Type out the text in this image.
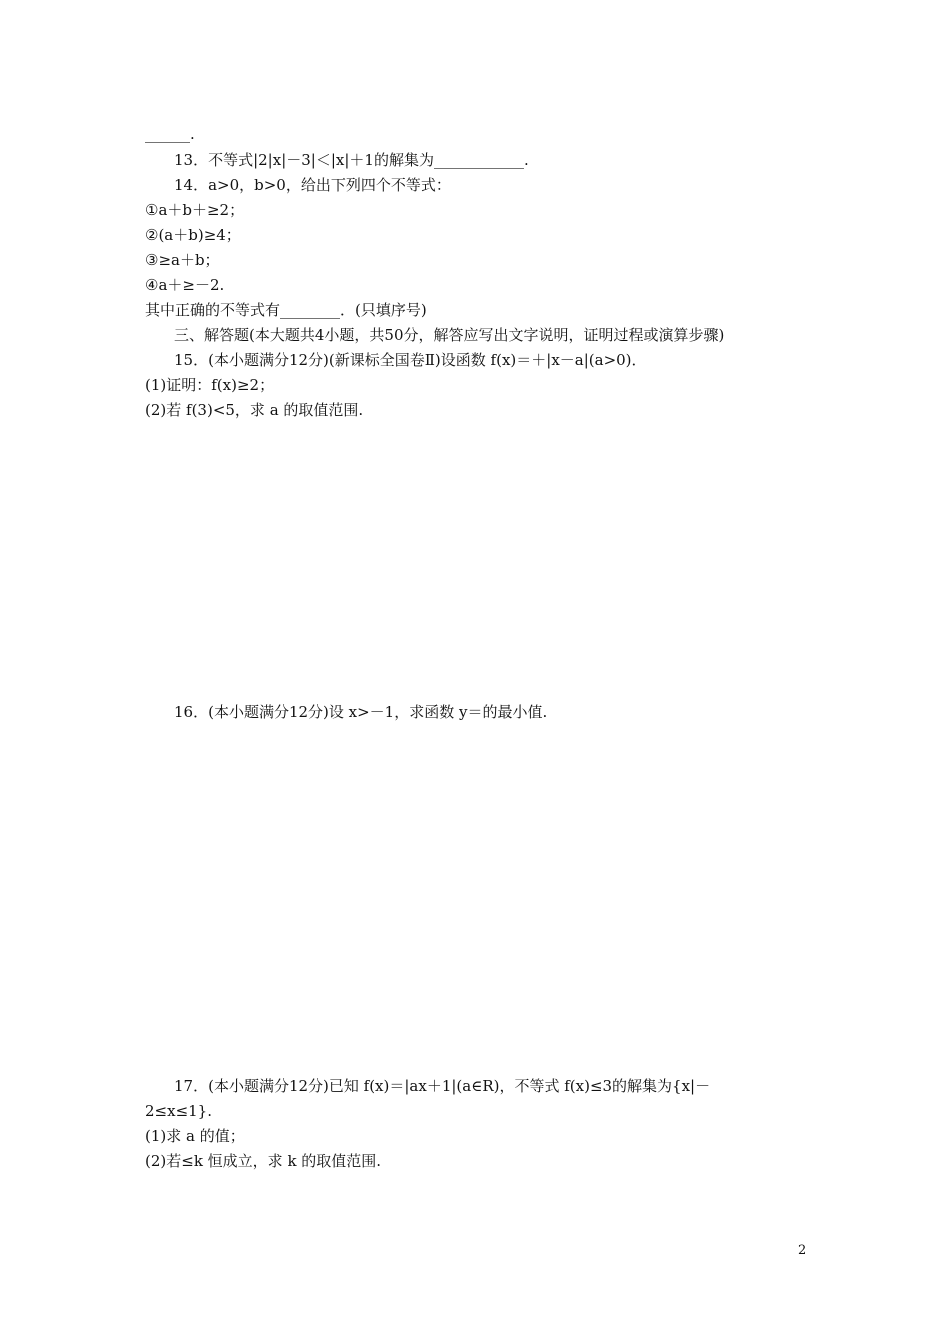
______.
13．不等式|2|x|－3|＜|x|＋1的解集为____________.
14．a>0，b>0，给出下列四个不等式：
①a＋b＋≥2；
②(a＋b)≥4；
③≥a＋b；
④a＋≥－2.
其中正确的不等式有________．(只填序号)
三、解答题(本大题共4小题，共50分，解答应写出文字说明，证明过程或演算步骤)
15．(本小题满分12分)(新课标全国卷Ⅱ)设函数 f(x)＝＋|x－a|(a>0)．
(1)证明：f(x)≥2；
(2)若 f(3)<5，求 a 的取值范围.
16．(本小题满分12分)设 x>－1，求函数 y＝的最小值.
17．(本小题满分12分)已知 f(x)＝|ax＋1|(a∈R)，不等式 f(x)≤3的解集为{x|－
2≤x≤1}.
(1)求 a 的值；
(2)若≤k 恒成立，求 k 的取值范围.
2
